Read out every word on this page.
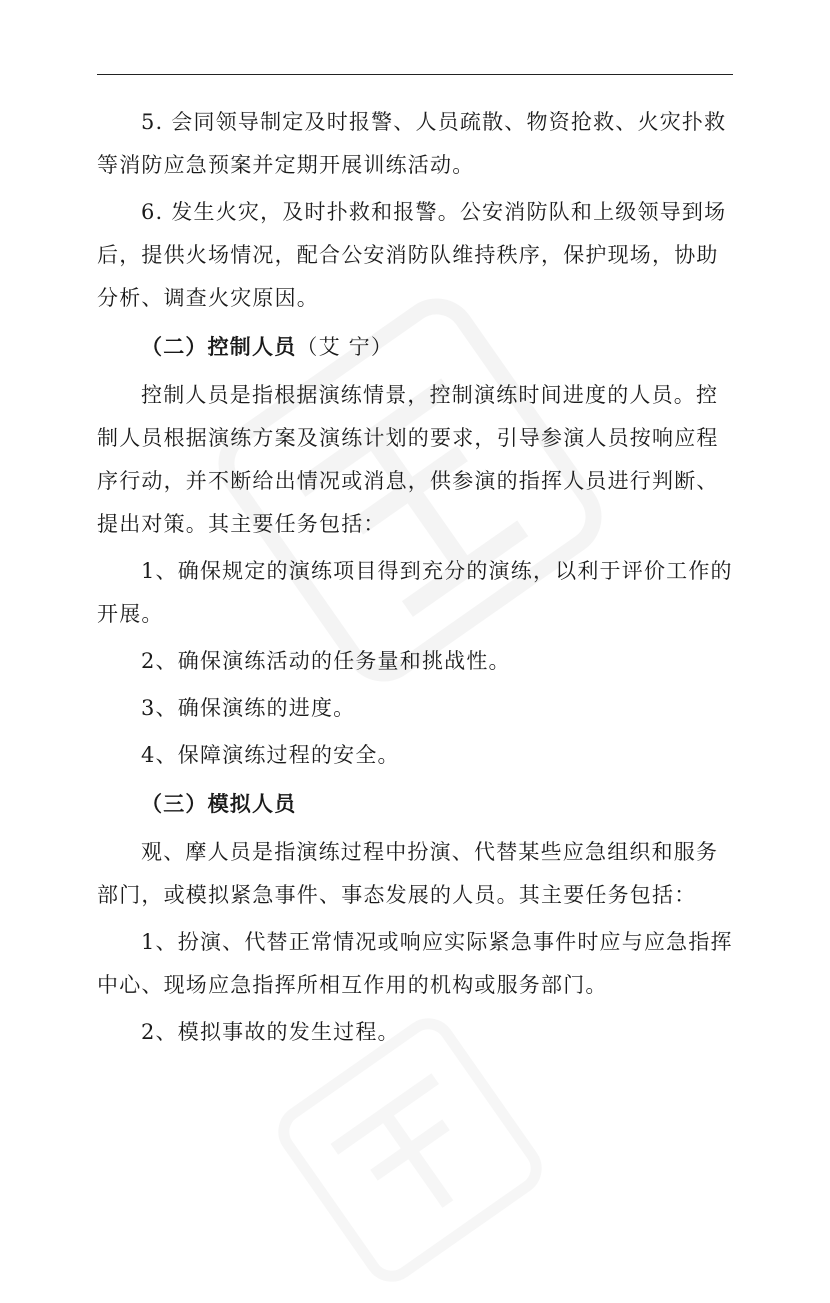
5. 会同领导制定及时报警、人员疏散、物资抢救、火灾扑救等消防应急预案并定期开展训练活动。

6. 发生火灾，及时扑救和报警。公安消防队和上级领导到场后，提供火场情况，配合公安消防队维持秩序，保护现场，协助分析、调查火灾原因。

（二）控制人员（艾 宁）

控制人员是指根据演练情景，控制演练时间进度的人员。控制人员根据演练方案及演练计划的要求，引导参演人员按响应程序行动，并不断给出情况或消息，供参演的指挥人员进行判断、提出对策。其主要任务包括：

1、确保规定的演练项目得到充分的演练，以利于评价工作的开展。

2、确保演练活动的任务量和挑战性。

3、确保演练的进度。

4、保障演练过程的安全。

（三）模拟人员

观、摩人员是指演练过程中扮演、代替某些应急组织和服务部门，或模拟紧急事件、事态发展的人员。其主要任务包括：

1、扮演、代替正常情况或响应实际紧急事件时应与应急指挥中心、现场应急指挥所相互作用的机构或服务部门。

2、模拟事故的发生过程。
